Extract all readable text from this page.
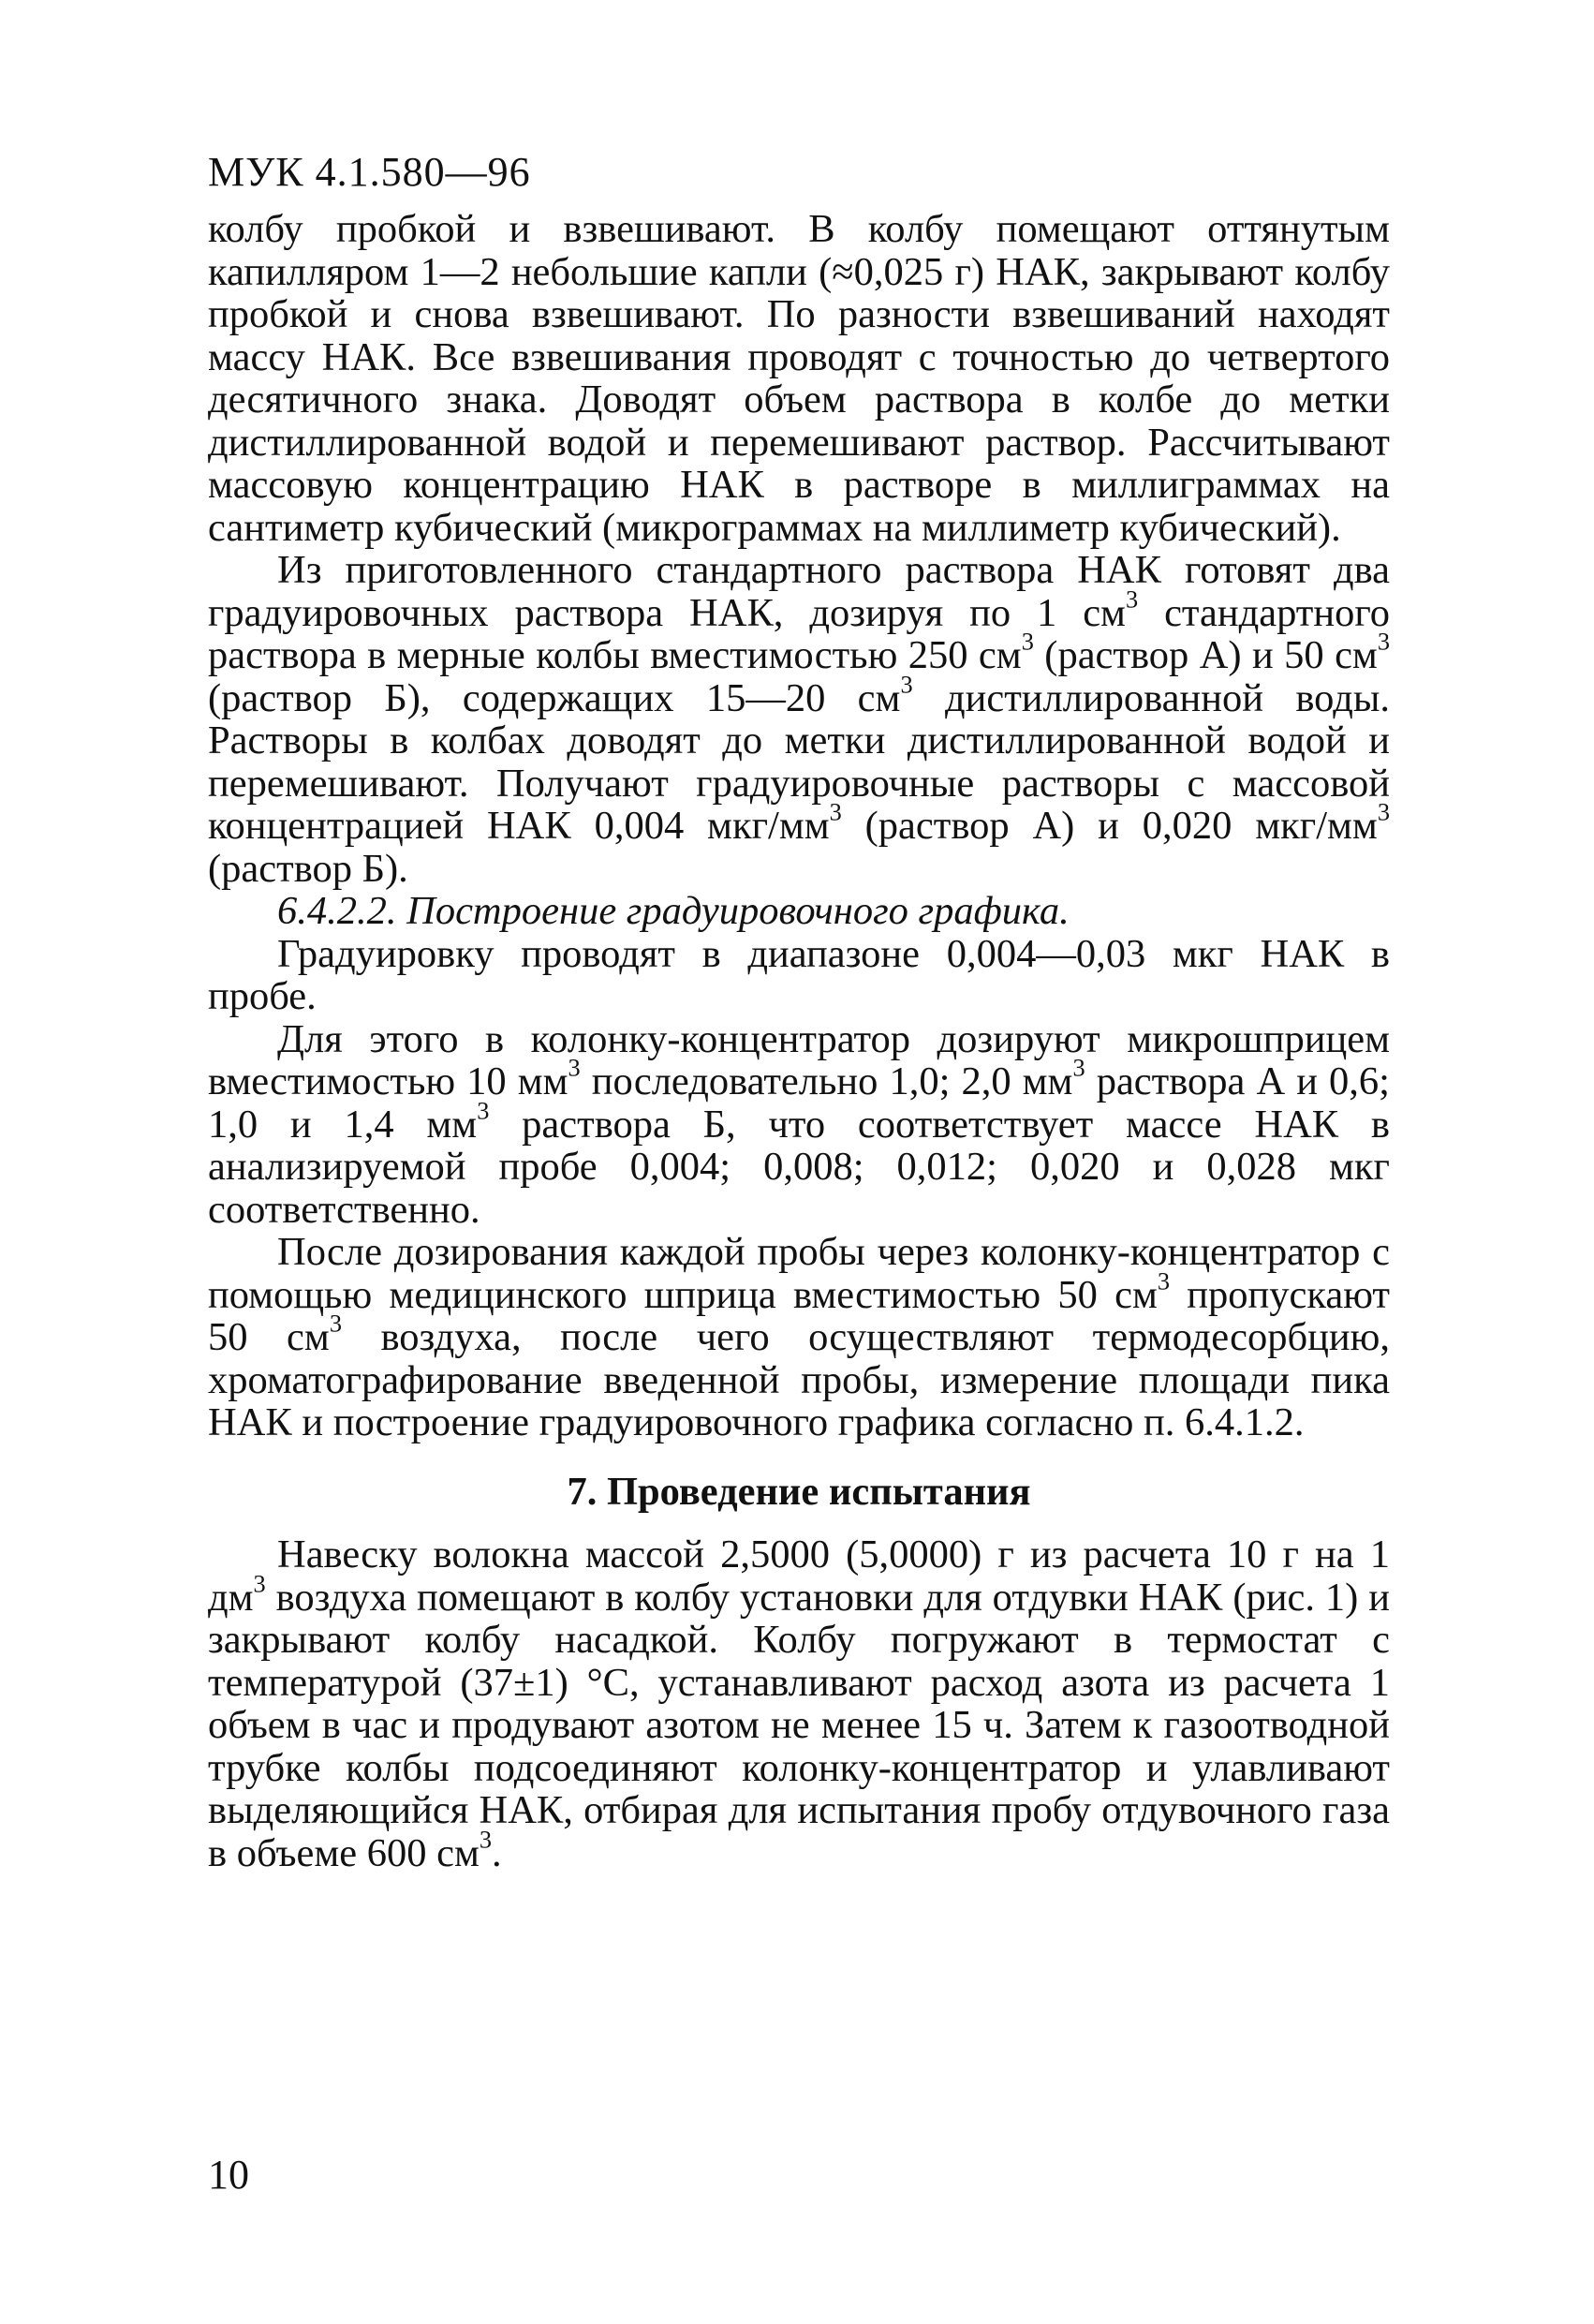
МУК 4.1.580—96

колбу пробкой и взвешивают. В колбу помещают оттянутым капилляром 1—2 небольшие капли (≈0,025 г) НАК, закрывают колбу пробкой и снова взвешивают. По разности взвешиваний находят массу НАК. Все взвешивания проводят с точностью до четвертого десятичного знака. Доводят объем раствора в колбе до метки дистиллированной водой и перемешивают раствор. Рассчитывают массовую концентрацию НАК в растворе в миллиграммах на сантиметр кубический (микрограммах на миллиметр кубический).

Из приготовленного стандартного раствора НАК готовят два градуировочных раствора НАК, дозируя по 1 $см^3$ стандартного раствора в мерные колбы вместимостью 250 $см^3$ (раствор А) и 50 $см^3$ (раствор Б), содержащих 15—20 $см^3$ дистиллированной воды. Растворы в колбах доводят до метки дистиллированной водой и перемешивают. Получают градуировочные растворы с массовой концентрацией НАК 0,004 мкг/$мм^3$ (раствор А) и 0,020 мкг/$мм^3$ (раствор Б).

6.4.2.2. Построение градуировочного графика.

Градуировку проводят в диапазоне 0,004—0,03 мкг НАК в пробе.

Для этого в колонку-концентратор дозируют микрошприцем вместимостью 10 $мм^3$ последовательно 1,0; 2,0 $мм^3$ раствора А и 0,6; 1,0 и 1,4 $мм^3$ раствора Б, что соответствует массе НАК в анализируемой пробе 0,004; 0,008; 0,012; 0,020 и 0,028 мкг соответственно.

После дозирования каждой пробы через колонку-концентратор с помощью медицинского шприца вместимостью 50 $см^3$ пропускают 50 $см^3$ воздуха, после чего осуществляют термодесорбцию, хроматографирование введенной пробы, измерение площади пика НАК и построение градуировочного графика согласно п. 6.4.1.2.

7. Проведение испытания

Навеску волокна массой 2,5000 (5,0000) г из расчета 10 г на 1 $дм^3$ воздуха помещают в колбу установки для отдувки НАК (рис. 1) и закрывают колбу насадкой. Колбу погружают в термостат с температурой (37±1) °С, устанавливают расход азота из расчета 1 объем в час и продувают азотом не менее 15 ч. Затем к газоотводной трубке колбы подсоединяют колонку-концентратор и улавливают выделяющийся НАК, отбирая для испытания пробу отдувочного газа в объеме 600 $см^3$.

10
